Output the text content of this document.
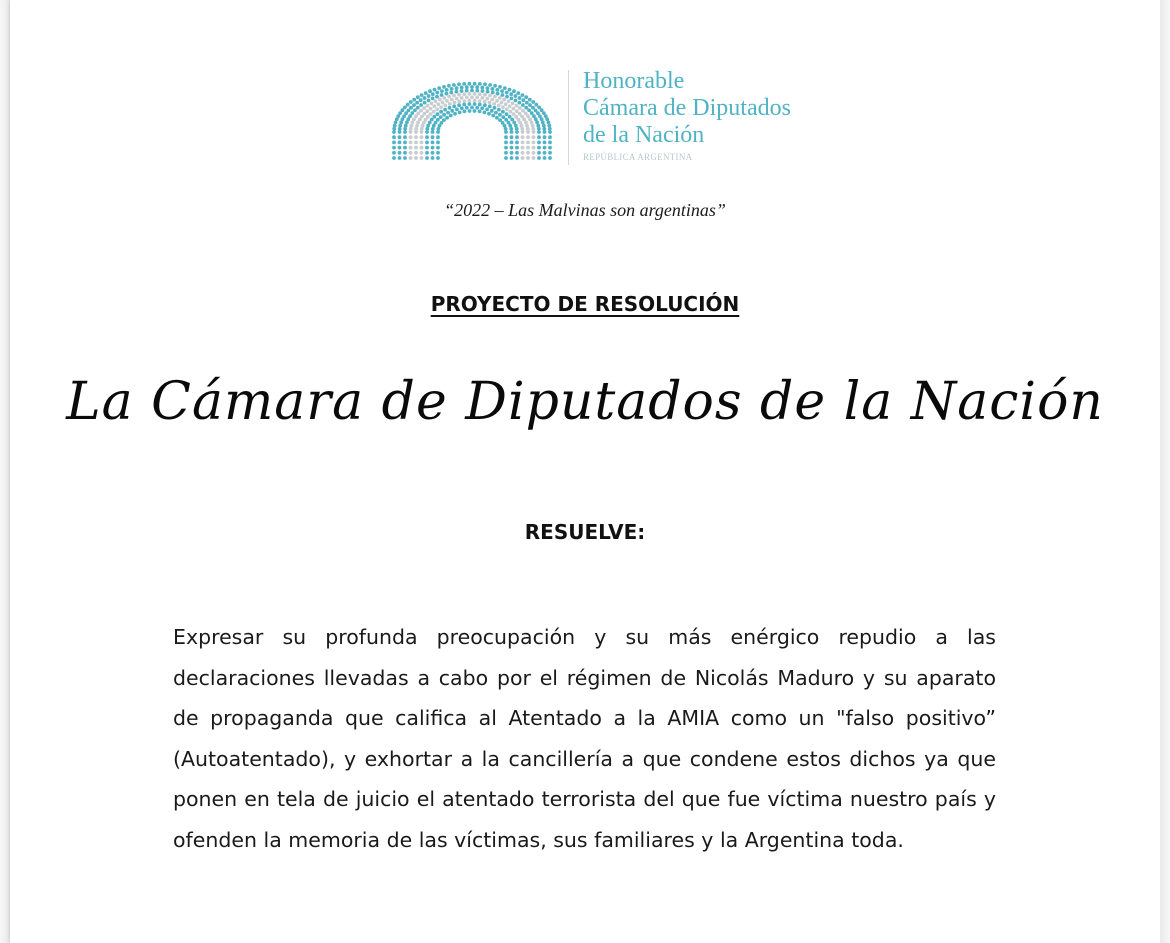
Honorable
Cámara de Diputados
de la Nación
REPÚBLICA ARGENTINA
“2022 – Las Malvinas son argentinas”
PROYECTO DE RESOLUCIÓN
La Cámara de Diputados de la Nación
RESUELVE:

Expresar su profunda preocupación y su más enérgico repudio a las declaraciones llevadas a cabo por el régimen de Nicolás Maduro y su aparato de propaganda que califica al Atentado a la AMIA como un "falso positivo” (Autoatentado), y exhortar a la cancillería a que condene estos dichos ya que ponen en tela de juicio el atentado terrorista del que fue víctima nuestro país y ofenden la memoria de las víctimas, sus familiares y la Argentina toda.
